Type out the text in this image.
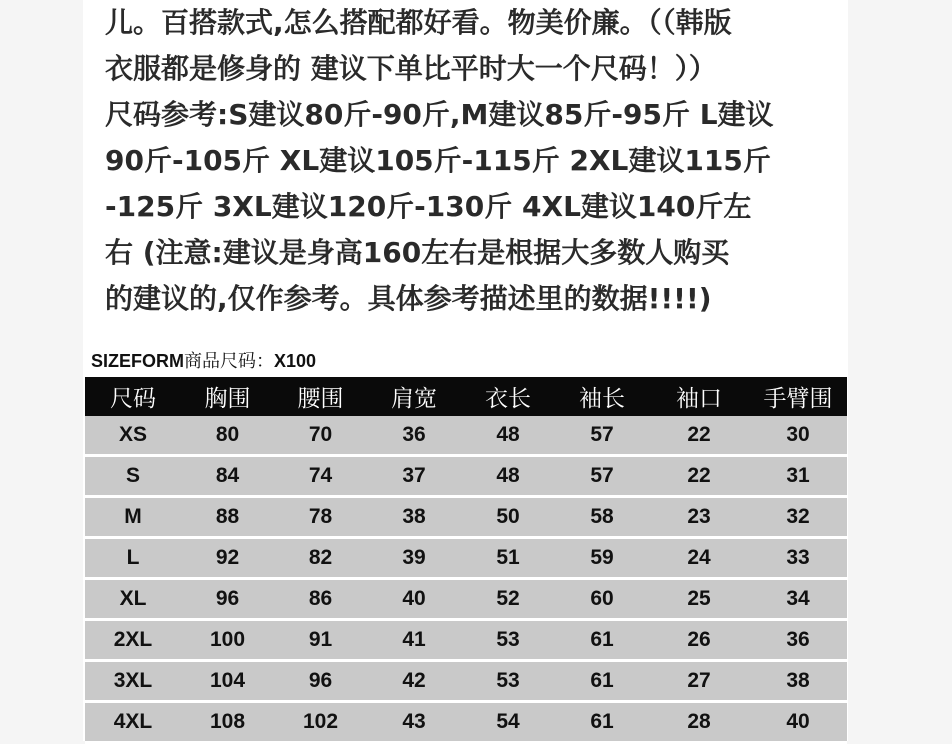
儿。百搭款式,怎么搭配都好看。物美价廉。（（韩版
衣服都是修身的 建议下单比平时大一个尺码！））
尺码参考:S建议80斤-90斤,M建议85斤-95斤 L建议
90斤-105斤 XL建议105斤-115斤 2XL建议115斤
-125斤 3XL建议120斤-130斤 4XL建议140斤左
右 (注意:建议是身高160左右是根据大多数人购买
的建议的,仅作参考。具体参考描述里的数据!!!!)
SIZEFORM商品尺码：X100
尺码	胸围	腰围	肩宽	衣长	袖长	袖口	手臂围
XS	80	70	36	48	57	22	30
S	84	74	37	48	57	22	31
M	88	78	38	50	58	23	32
L	92	82	39	51	59	24	33
XL	96	86	40	52	60	25	34
2XL	100	91	41	53	61	26	36
3XL	104	96	42	53	61	27	38
4XL	108	102	43	54	61	28	40
